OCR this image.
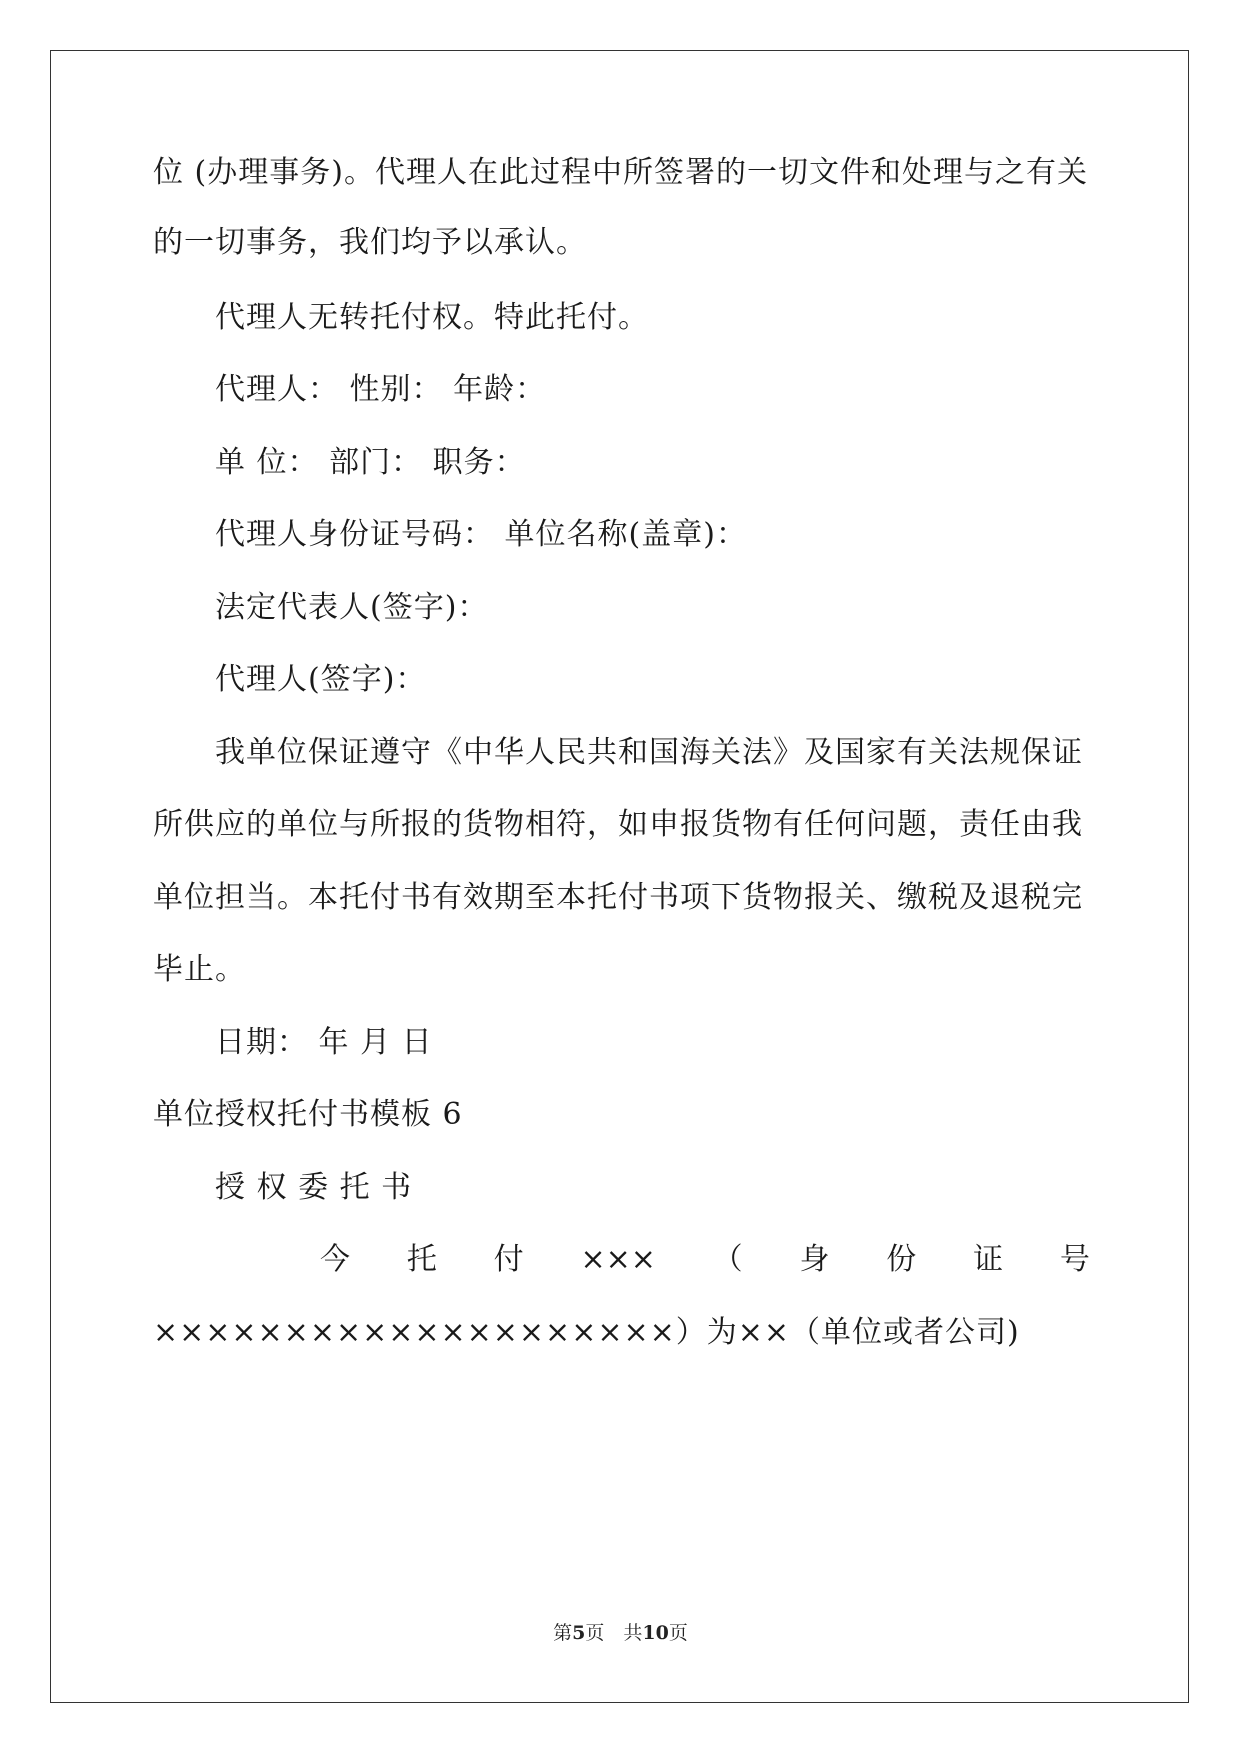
位 (办理事务)。代理人在此过程中所签署的一切文件和处理与之有关
的一切事务，我们均予以承认。
代理人无转托付权。特此托付。
代理人： 性别： 年龄：
单 位： 部门： 职务：
代理人身份证号码： 单位名称(盖章)：
法定代表人(签字)：
代理人(签字)：
我单位保证遵守《中华人民共和国海关法》及国家有关法规保证
所供应的单位与所报的货物相符，如申报货物有任何问题，责任由我
单位担当。本托付书有效期至本托付书项下货物报关、缴税及退税完
毕止。
日期： 年 月 日
单位授权托付书模板 6
授 权 委 托 书
今 托 付 ××× （ 身 份 证 号
××××××××××××××××××××）为××（单位或者公司)
第5页　共10页
